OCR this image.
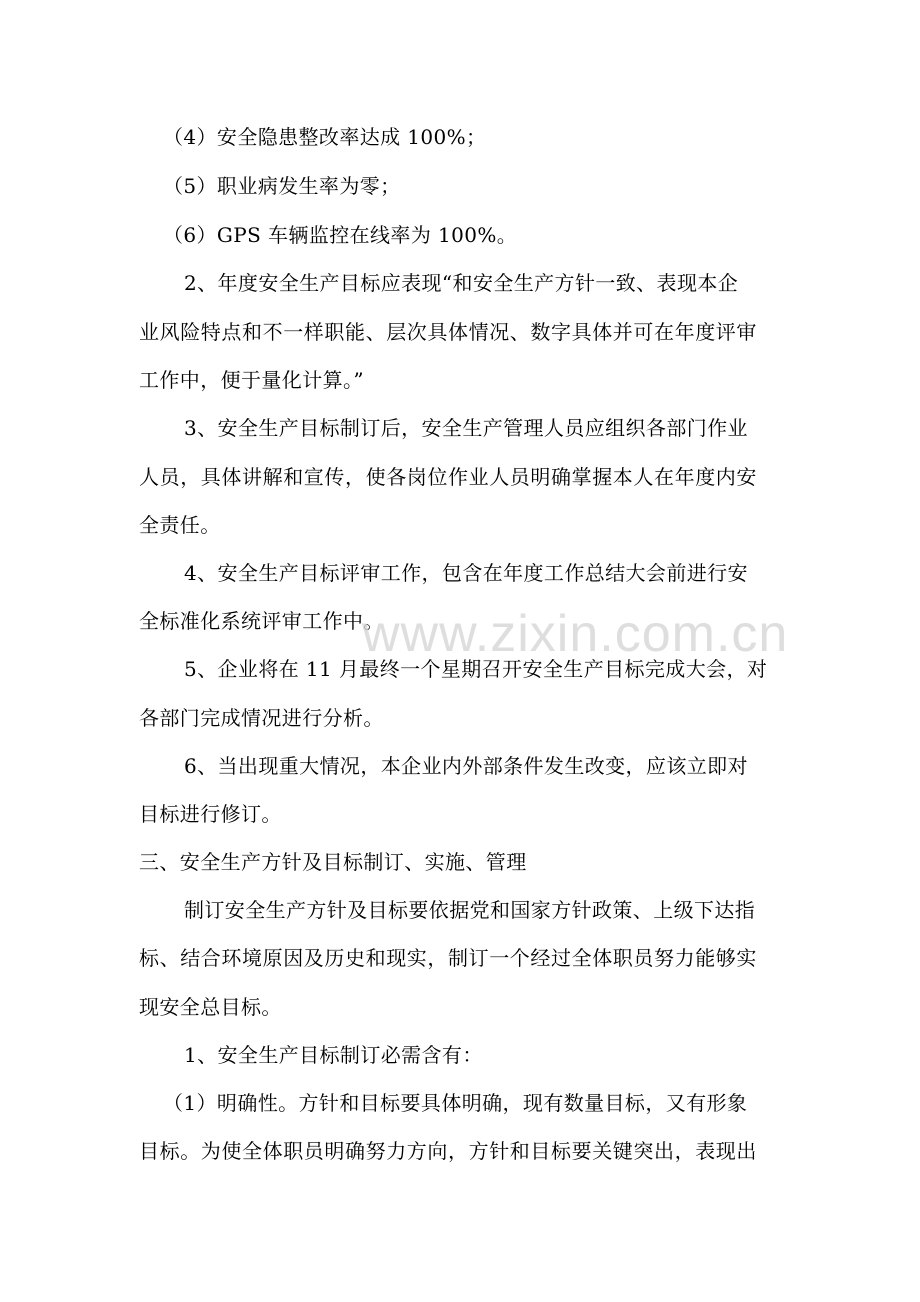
（4）安全隐患整改率达成 100%；
（5）职业病发生率为零；
（6）GPS 车辆监控在线率为 100%。
2、年度安全生产目标应表现“和安全生产方针一致、表现本企
业风险特点和不一样职能、层次具体情况、数字具体并可在年度评审
工作中，便于量化计算。”
3、安全生产目标制订后，安全生产管理人员应组织各部门作业
人员，具体讲解和宣传，使各岗位作业人员明确掌握本人在年度内安
全责任。
4、安全生产目标评审工作，包含在年度工作总结大会前进行安
全标准化系统评审工作中。
5、企业将在 11 月最终一个星期召开安全生产目标完成大会，对
各部门完成情况进行分析。
6、当出现重大情况，本企业内外部条件发生改变，应该立即对
目标进行修订。
三、安全生产方针及目标制订、实施、管理
制订安全生产方针及目标要依据党和国家方针政策、上级下达指
标、结合环境原因及历史和现实，制订一个经过全体职员努力能够实
现安全总目标。
1、安全生产目标制订必需含有：
（1）明确性。方针和目标要具体明确，现有数量目标，又有形象
目标。为使全体职员明确努力方向，方针和目标要关键突出，表现出
www.zixin.com.cn
